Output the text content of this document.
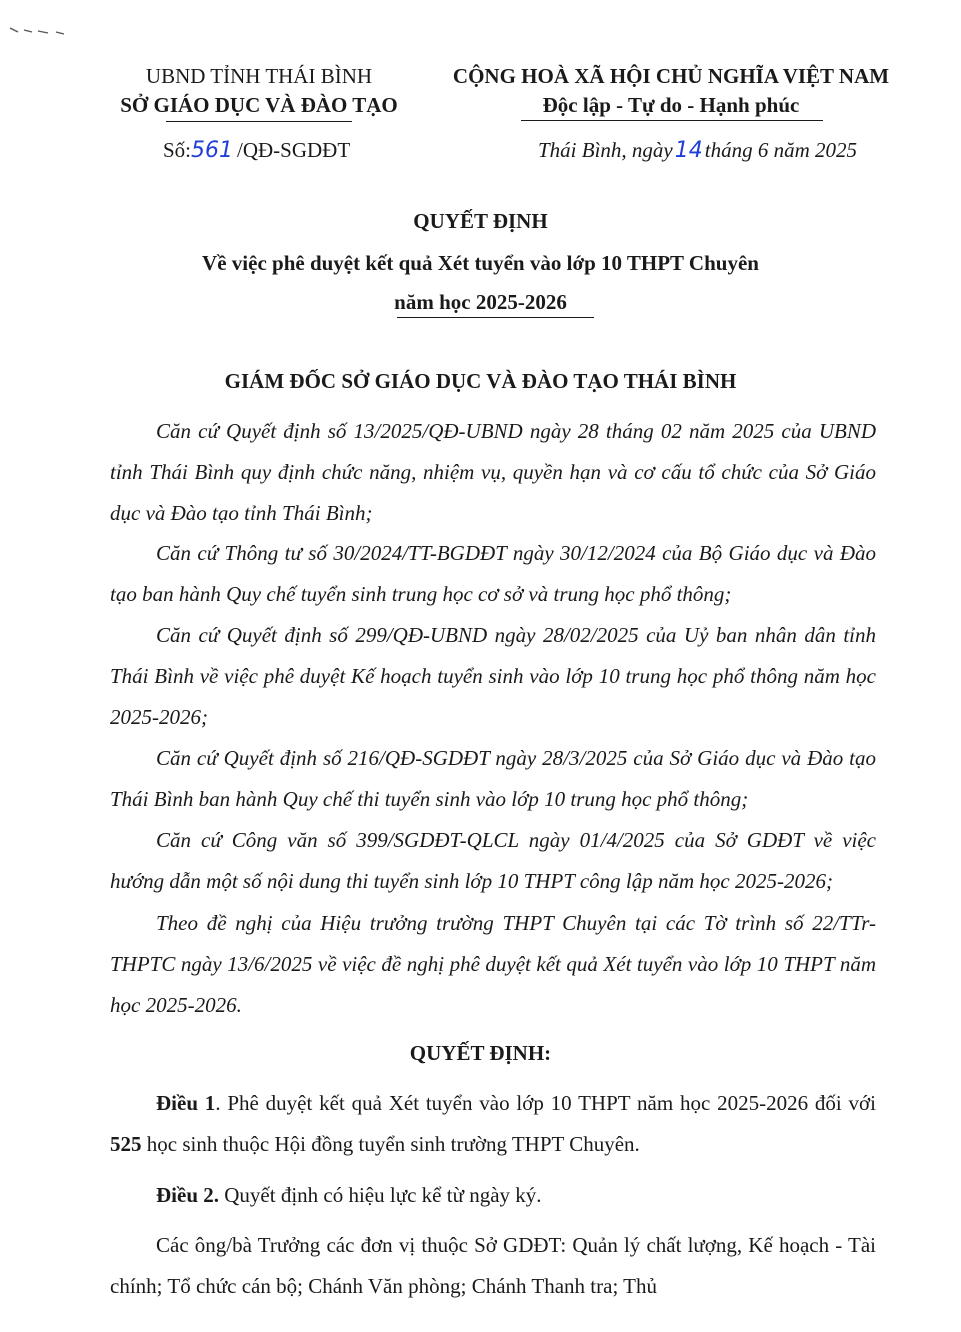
UBND TỈNH THÁI BÌNH
SỞ GIÁO DỤC VÀ ĐÀO TẠO
CỘNG HOÀ XÃ HỘI CHỦ NGHĨA VIỆT NAM
Độc lập - Tự do - Hạnh phúc
Số:561 /QĐ-SGDĐT	Thái Bình, ngày14tháng 6 năm 2025
QUYẾT ĐỊNH
Về việc phê duyệt kết quả Xét tuyển vào lớp 10 THPT Chuyên
năm học 2025-2026
GIÁM ĐỐC SỞ GIÁO DỤC VÀ ĐÀO TẠO THÁI BÌNH
Căn cứ Quyết định số 13/2025/QĐ-UBND ngày 28 tháng 02 năm 2025 của UBND tỉnh Thái Bình quy định chức năng, nhiệm vụ, quyền hạn và cơ cấu tổ chức của Sở Giáo dục và Đào tạo tỉnh Thái Bình;
Căn cứ Thông tư số 30/2024/TT-BGDĐT ngày 30/12/2024 của Bộ Giáo dục và Đào tạo ban hành Quy chế tuyển sinh trung học cơ sở và trung học phổ thông;
Căn cứ Quyết định số 299/QĐ-UBND ngày 28/02/2025 của Uỷ ban nhân dân tỉnh Thái Bình về việc phê duyệt Kế hoạch tuyển sinh vào lớp 10 trung học phổ thông năm học 2025-2026;
Căn cứ Quyết định số 216/QĐ-SGDĐT ngày 28/3/2025 của Sở Giáo dục và Đào tạo Thái Bình ban hành Quy chế thi tuyển sinh vào lớp 10 trung học phổ thông;
Căn cứ Công văn số 399/SGDĐT-QLCL ngày 01/4/2025 của Sở GDĐT về việc hướng dẫn một số nội dung thi tuyển sinh lớp 10 THPT công lập năm học 2025-2026;
Theo đề nghị của Hiệu trưởng trường THPT Chuyên tại các Tờ trình số 22/TTr-THPTC ngày 13/6/2025 về việc đề nghị phê duyệt kết quả Xét tuyển vào lớp 10 THPT năm học 2025-2026.
QUYẾT ĐỊNH:
Điều 1. Phê duyệt kết quả Xét tuyển vào lớp 10 THPT năm học 2025-2026 đối với 525 học sinh thuộc Hội đồng tuyển sinh trường THPT Chuyên.
Điều 2. Quyết định có hiệu lực kể từ ngày ký.
Các ông/bà Trưởng các đơn vị thuộc Sở GDĐT: Quản lý chất lượng, Kế hoạch - Tài chính; Tổ chức cán bộ; Chánh Văn phòng; Chánh Thanh tra; Thủ
